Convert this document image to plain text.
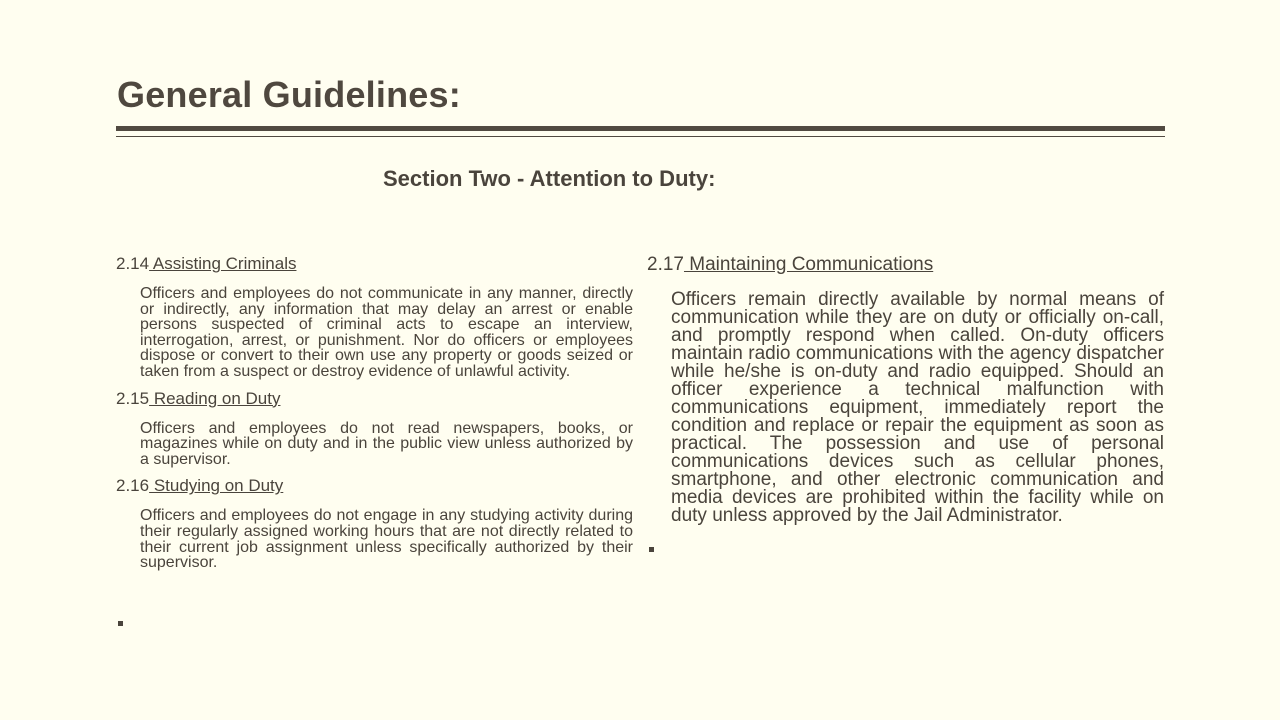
General Guidelines:
Section Two - Attention to Duty:

2.14 Assisting Criminals

Officers and employees do not communicate in any manner, directly or indirectly, any information that may delay an arrest or enable persons suspected of criminal acts to escape an interview, interrogation, arrest, or punishment. Nor do officers or employees dispose or convert to their own use any property or goods seized or taken from a suspect or destroy evidence of unlawful activity.

2.15 Reading on Duty

Officers and employees do not read newspapers, books, or magazines while on duty and in the public view unless authorized by a supervisor.

2.16 Studying on Duty

Officers and employees do not engage in any studying activity during their regularly assigned working hours that are not directly related to their current job assignment unless specifically authorized by their supervisor.

2.17 Maintaining Communications

Officers remain directly available by normal means of communication while they are on duty or officially on-call, and promptly respond when called. On-duty officers maintain radio communications with the agency dispatcher while he/she is on-duty and radio equipped. Should an officer experience a technical malfunction with communications equipment, immediately report the condition and replace or repair the equipment as soon as practical. The possession and use of personal communications devices such as cellular phones, smartphone, and other electronic communication and media devices are prohibited within the facility while on duty unless approved by the Jail Administrator.
